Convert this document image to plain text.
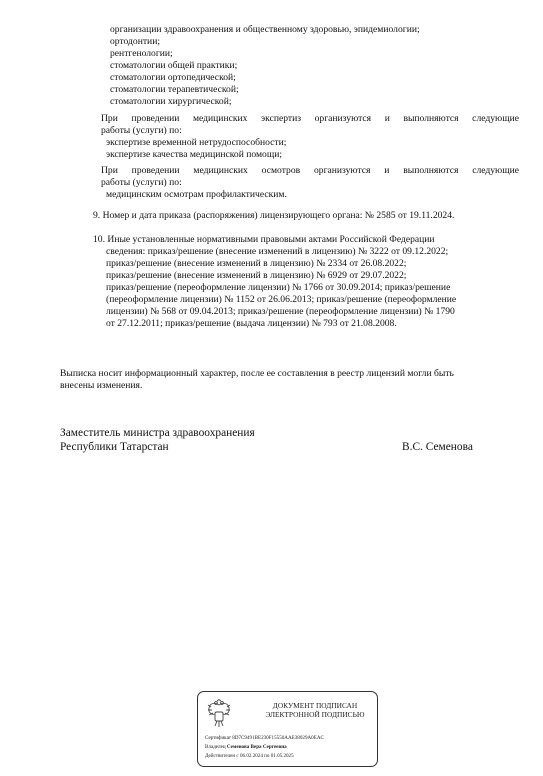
организации здравоохранения и общественному здоровью, эпидемиологии;
ортодонтии;
рентгенологии;
стоматологии общей практики;
стоматологии ортопедической;
стоматологии терапевтической;
стоматологии хирургической;
При проведении медицинских экспертиз организуются и выполняются следующие
работы (услуги) по:
экспертизе временной нетрудоспособности;
экспертизе качества медицинской помощи;
При проведении медицинских осмотров организуются и выполняются следующие
работы (услуги) по:
медицинским осмотрам профилактическим.
9. Номер и дата приказа (распоряжения) лицензирующего органа: № 2585 от 19.11.2024.
10. Иные установленные нормативными правовыми актами Российской Федерации
сведения: приказ/решение (внесение изменений в лицензию) № 3222 от 09.12.2022;
приказ/решение (внесение изменений в лицензию) № 2334 от 26.08.2022;
приказ/решение (внесение изменений в лицензию) № 6929 от 29.07.2022;
приказ/решение (переоформление лицензии) № 1766 от 30.09.2014; приказ/решение
(переоформление лицензии) № 1152 от 26.06.2013; приказ/решение (переоформление
лицензии) № 568 от 09.04.2013; приказ/решение (переоформление лицензии) № 1790
от 27.12.2011; приказ/решение (выдача лицензии) № 793 от 21.08.2008.
Выписка носит информационный характер, после ее составления в реестр лицензий могли быть
внесены изменения.
Заместитель министра здравоохранения
Республики Татарстан	В.С. Семенова
ДОКУМЕНТ ПОДПИСАН
ЭЛЕКТРОННОЙ ПОДПИСЬЮ
Сертификат 8D7C9491BE230F15550AAE38029A0EAC
Владелец Семенова Вера Сергеевна
Действителен с 06.02.2024 по 01.05.2025
